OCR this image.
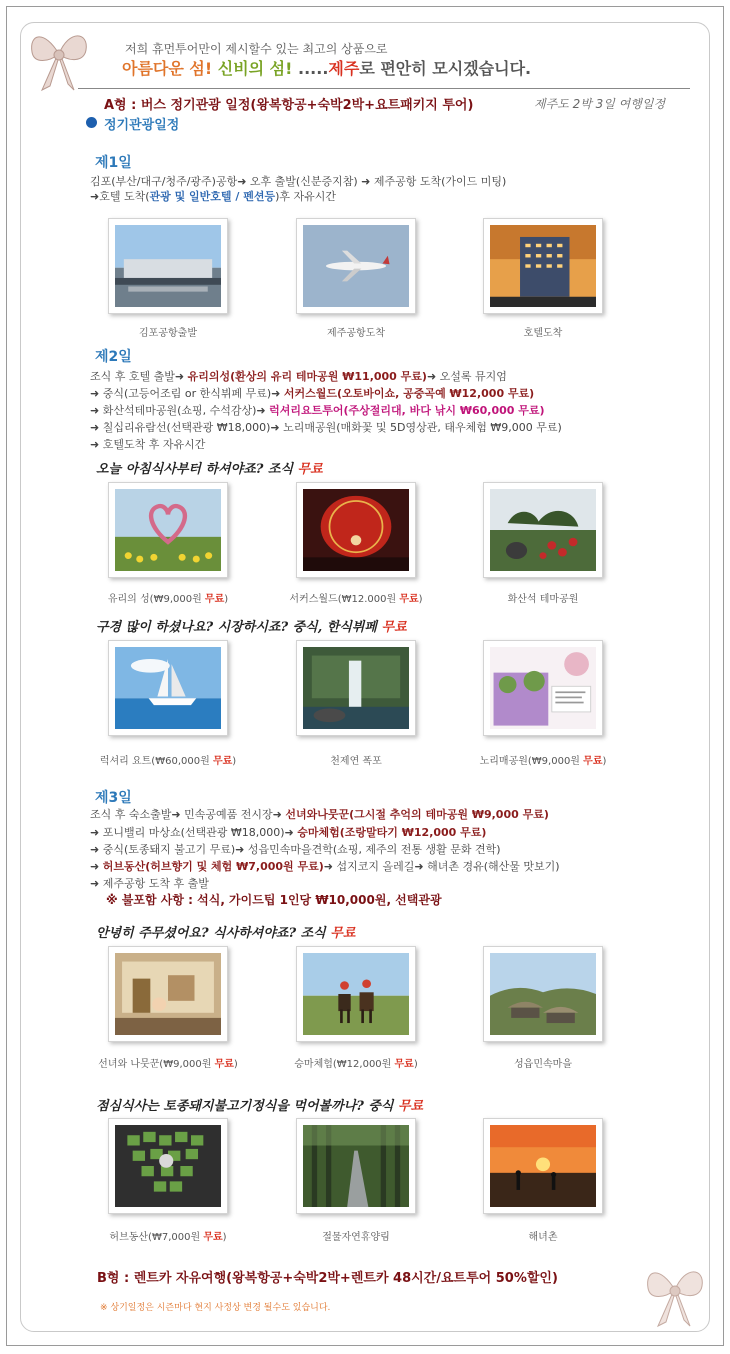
저희 휴먼투어만이 제시할수 있는 최고의 상품으로
아름다운 섬! 신비의 섬! .....제주로 편안히 모시겠습니다.
A형 : 버스 정기관광 일정(왕복항공+숙박2박+요트패키지 투어)	제주도 2박 3일 여행일정
정기관광일정
제1일
김포(부산/대구/청주/광주)공항➜ 오후 출발(신분증지참) ➜ 제주공항 도착(가이드 미팅)
➜호텔 도착(관광 및 일반호텔 / 펜션등)후 자유시간
김포공항출발	제주공항도착	호텔도착
제2일
조식 후 호텔 출발➜ 유리의성(환상의 유리 테마공원 ₩11,000 무료)➜ 오설록 뮤지엄
➜ 중식(고등어조림 or 한식뷔페 무료)➜ 서커스월드(오토바이쇼, 공중곡예 ₩12,000 무료)
➜ 화산석테마공원(쇼핑, 수석감상)➜ 럭셔리요트투어(주상절리대, 바다 낚시 ₩60,000 무료)
➜ 칠십리유람선(선택관광 ₩18,000)➜ 노리매공원(매화꽃 및 5D영상관, 태우체험 ₩9,000 무료)
➜ 호텔도착 후 자유시간
오늘 아침식사부터 하셔야죠? 조식 무료
유리의 성(₩9,000원 무료)	서커스월드(₩12.000원 무료)	화산석 테마공원
구경 많이 하셨나요? 시장하시죠? 중식, 한식뷔페 무료
럭셔리 요트(₩60,000원 무료)	천제연 폭포	노리매공원(₩9,000원 무료)
제3일
조식 후 숙소출발➜ 민속공예품 전시장➜ 선녀와나뭇꾼(그시절 추억의 테마공원 ₩9,000 무료)
➜ 포니밸리 마상쇼(선택관광 ₩18,000)➜ 승마체험(조랑말타기 ₩12,000 무료)
➜ 중식(토종돼지 불고기 무료)➜ 성읍민속마을견학(쇼핑, 제주의 전통 생활 문화 견학)
➜ 허브동산(허브향기 및 체험 ₩7,000원 무료)➜ 섭지코지 올레길➜ 해녀촌 경유(해산물 맛보기)
➜ 제주공항 도착 후 출발
※ 불포함 사항 : 석식, 가이드팁 1인당 ₩10,000원, 선택관광
안녕히 주무셨어요? 식사하셔야죠? 조식 무료
선녀와 나뭇꾼(₩9,000원 무료)	승마체험(₩12,000원 무료)	성읍민속마을
점심식사는 토종돼지불고기정식을 먹어볼까나? 중식 무료
허브동산(₩7,000원 무료)	절물자연휴양림	해녀촌
B형 : 렌트카 자유여행(왕복항공+숙박2박+렌트카 48시간/요트투어 50%할인)
※ 상기일정은 시즌마다 현지 사정상 변경 될수도 있습니다.
